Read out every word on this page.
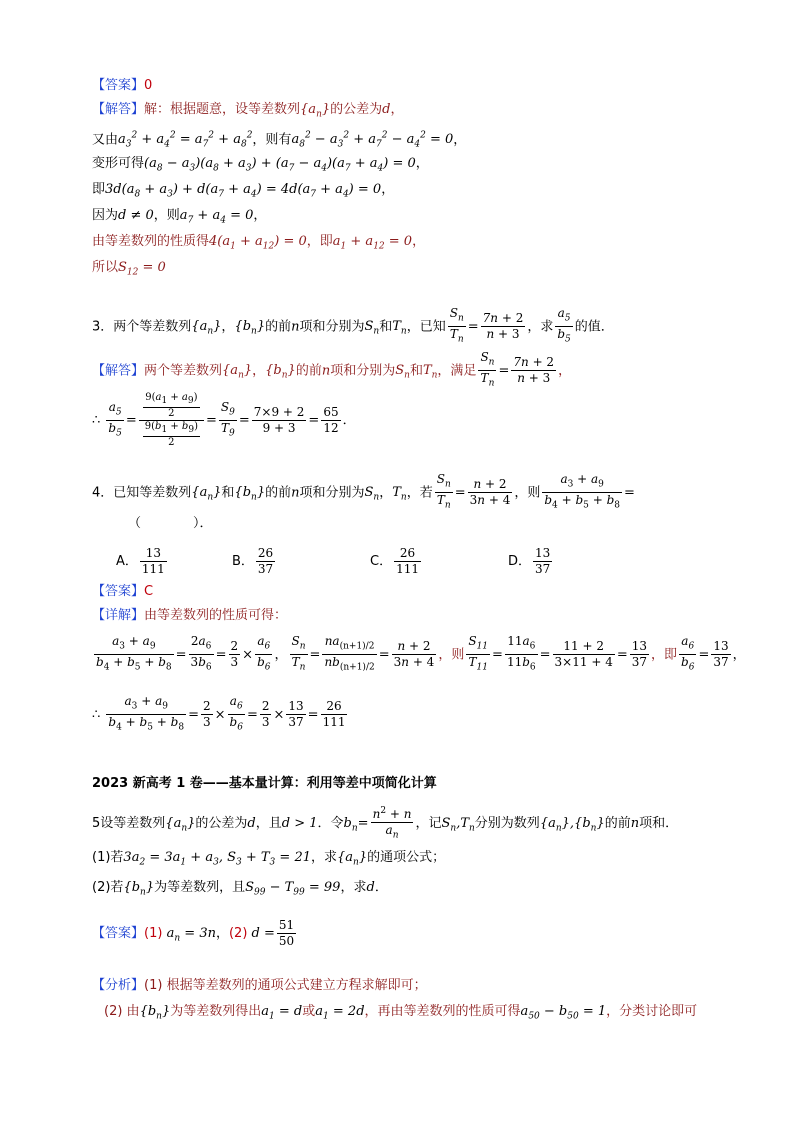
【答案】0
【解答】解：根据题意，设等差数列$\{a_n\}$的公差为d，
又由$a_3^2 + a_4^2 = a_7^2 + a_8^2$，则有$a_8^2 - a_3^2 + a_7^2 - a_4^2 = 0$，
变形可得$(a_8 - a_3)(a_8 + a_3) + (a_7 - a_4)(a_7 + a_4) = 0$，
即$3d(a_8 + a_3) + d(a_7 + a_4) = 4d(a_7 + a_4) = 0$，
因为d ≠ 0，则$a_7 + a_4 = 0$，
由等差数列的性质得$4(a_1 + a_{12}) = 0$，即$a_1 + a_{12} = 0$，
所以$S_{12} = 0$
3．两个等差数列$\{a_n\}$，$\{b_n\}$的前n项和分别为$S_n$和$T_n$，已知 $\frac{S_n}{T_n} = \frac{7n + 2}{n + 3}$ ，求 $\frac{a_5}{b_5}$ 的值．
【解答】两个等差数列$\{a_n\}$，$\{b_n\}$的前n项和分别为$S_n$和$T_n$，满足 $\frac{S_n}{T_n} = \frac{7n + 2}{n + 3}$ ，
∴ $\frac{a_5}{b_5} = \frac{\frac{9(a_1 + a_9)}{2}}{\frac{9(b_1 + b_9)}{2}} = \frac{S_9}{T_9} = \frac{7\times 9 + 2}{9 + 3} = \frac{65}{12}$ ．
4．已知等差数列$\{a_n\}$和$\{b_n\}$的前n项和分别为$S_n$，$T_n$，若 $\frac{S_n}{T_n} = \frac{n + 2}{3n + 4}$ ，则 $\frac{a_3 + a_9}{b_4 + b_5 + b_8}$ =
（　　　　）．
A． $\frac{13}{111}$	B． $\frac{26}{37}$	C． $\frac{26}{111}$	D． $\frac{13}{37}$
【答案】C
【详解】由等差数列的性质可得：
$\frac{a_3 + a_9}{b_4 + b_5 + b_8} = \frac{2a_6}{3b_6} = \frac{2}{3} \times \frac{a_6}{b_6}$ ， $\frac{S_n}{T_n} = \frac{na_{(n+1)/2}}{nb_{(n+1)/2}} = \frac{n + 2}{3n + 4}$ ，则 $\frac{S_{11}}{T_{11}} = \frac{11a_6}{11b_6} = \frac{11 + 2}{3\times 11 + 4} = \frac{13}{37}$ ，即 $\frac{a_6}{b_6} = \frac{13}{37}$ ，
∴ $\frac{a_3 + a_9}{b_4 + b_5 + b_8} = \frac{2}{3} \times \frac{a_6}{b_6} = \frac{2}{3} \times \frac{13}{37} = \frac{26}{111}$
2023 新高考 1 卷——基本量计算：利用等差中项简化计算
5设等差数列$\{a_n\}$的公差为d，且d > 1．令$b_n= \frac{n^2 + n}{a_n}$ ，记$S_n,T_n$分别为数列$\{a_n\},\{b_n\}$的前n项和．
(1)若$3a_2 = 3a_1 + a_3$, $S_3 + T_3 = 21$，求$\{a_n\}$的通项公式；
(2)若$\{b_n\}$为等差数列，且$S_{99} - T_{99} = 99$，求d．
【答案】(1) $a_n = 3n$，(2) $d = \frac{51}{50}$
【分析】(1) 根据等差数列的通项公式建立方程求解即可；
(2) 由$\{b_n\}$为等差数列得出$a_1 = d$或$a_1 = 2d$，再由等差数列的性质可得$a_{50} - b_{50} = 1$，分类讨论即可
